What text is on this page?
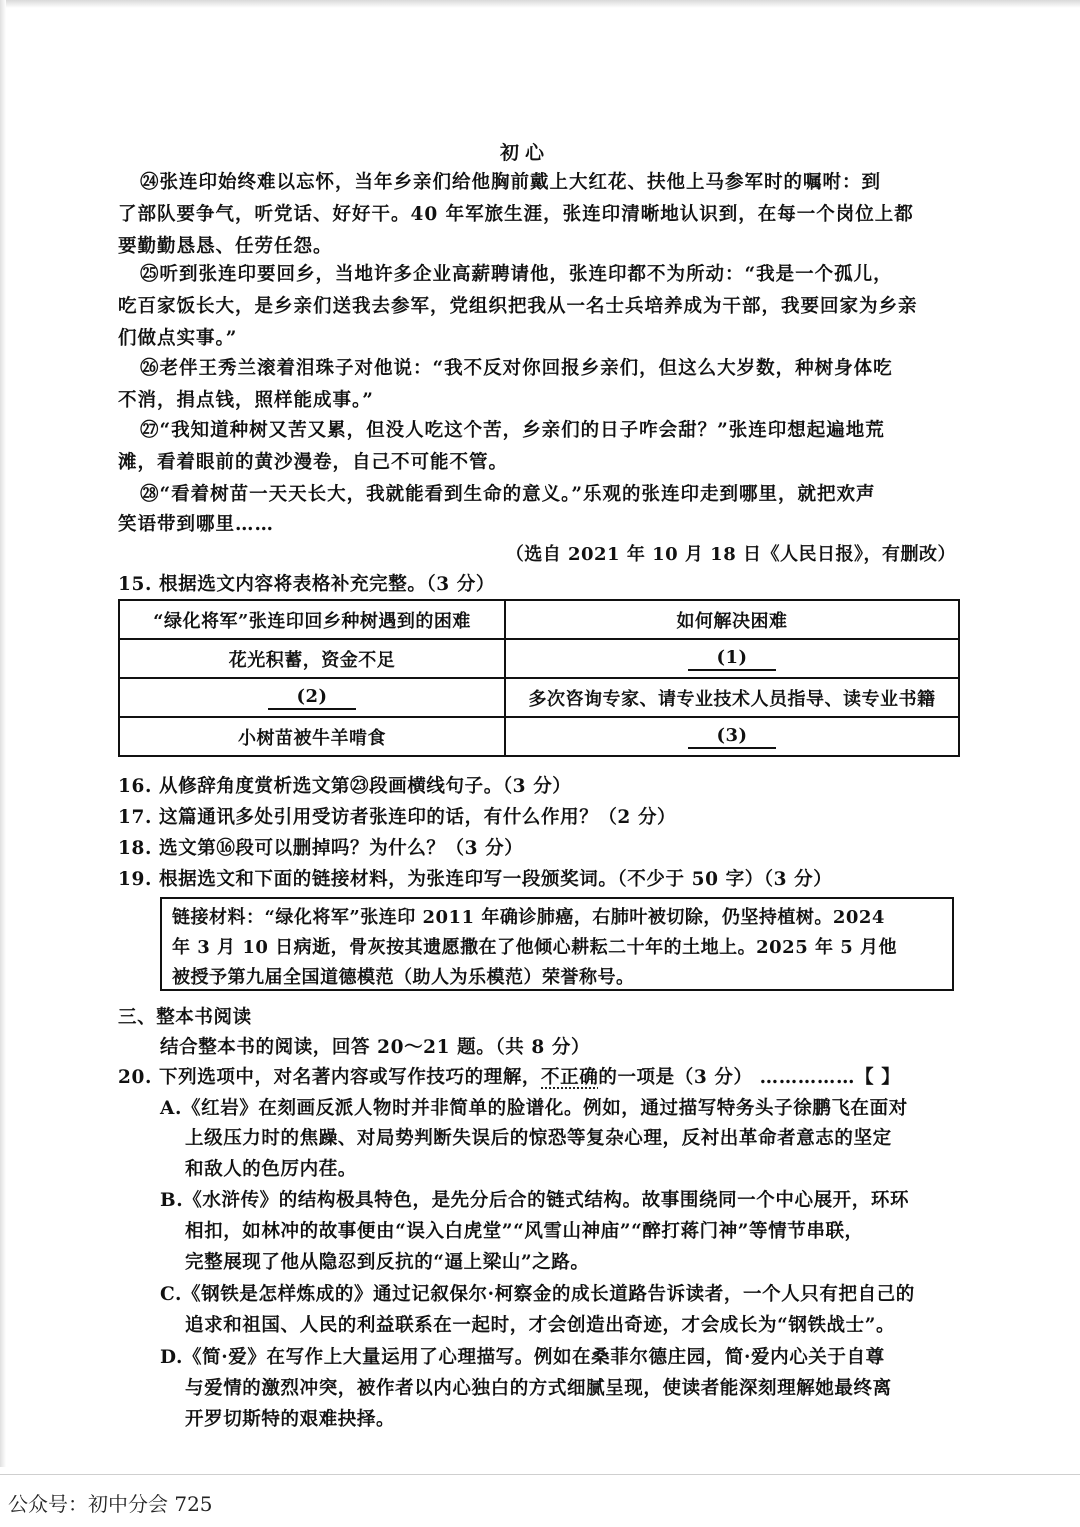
初心
㉔张连印始终难以忘怀，当年乡亲们给他胸前戴上大红花、扶他上马参军时的嘱咐：到
了部队要争气，听党话、好好干。40 年军旅生涯，张连印清晰地认识到，在每一个岗位上都
要勤勤恳恳、任劳任怨。
㉕听到张连印要回乡，当地许多企业高薪聘请他，张连印都不为所动：“我是一个孤儿，
吃百家饭长大，是乡亲们送我去参军，党组织把我从一名士兵培养成为干部，我要回家为乡亲
们做点实事。”
㉖老伴王秀兰滚着泪珠子对他说：“我不反对你回报乡亲们，但这么大岁数，种树身体吃
不消，捐点钱，照样能成事。”
㉗“我知道种树又苦又累，但没人吃这个苦，乡亲们的日子咋会甜？”张连印想起遍地荒
滩，看着眼前的黄沙漫卷，自己不可能不管。
㉘“看着树苗一天天长大，我就能看到生命的意义。”乐观的张连印走到哪里，就把欢声
笑语带到哪里……
（选自 2021 年 10 月 18 日《人民日报》，有删改）
15. 根据选文内容将表格补充完整。（3 分）
“绿化将军”张连印回乡种树遇到的困难	如何解决困难
花光积蓄，资金不足	(1)
(2)	多次咨询专家、请专业技术人员指导、读专业书籍
小树苗被牛羊啃食	(3)
16. 从修辞角度赏析选文第㉓段画横线句子。（3 分）
17. 这篇通讯多处引用受访者张连印的话，有什么作用？（2 分）
18. 选文第⑯段可以删掉吗？为什么？（3 分）
19. 根据选文和下面的链接材料，为张连印写一段颁奖词。（不少于 50 字）（3 分）
链接材料：“绿化将军”张连印 2011 年确诊肺癌，右肺叶被切除，仍坚持植树。2024
年 3 月 10 日病逝，骨灰按其遗愿撒在了他倾心耕耘二十年的土地上。2025 年 5 月他
被授予第九届全国道德模范（助人为乐模范）荣誉称号。
三、整本书阅读
结合整本书的阅读，回答 20～21 题。（共 8 分）
20. 下列选项中，对名著内容或写作技巧的理解，不正确的一项是（3 分） ……………【 】
A.《红岩》在刻画反派人物时并非简单的脸谱化。例如，通过描写特务头子徐鹏飞在面对
上级压力时的焦躁、对局势判断失误后的惊恐等复杂心理，反衬出革命者意志的坚定
和敌人的色厉内荏。
B.《水浒传》的结构极具特色，是先分后合的链式结构。故事围绕同一个中心展开，环环
相扣，如林冲的故事便由“误入白虎堂”“风雪山神庙”“醉打蒋门神”等情节串联，
完整展现了他从隐忍到反抗的“逼上梁山”之路。
C.《钢铁是怎样炼成的》通过记叙保尔·柯察金的成长道路告诉读者，一个人只有把自己的
追求和祖国、人民的利益联系在一起时，才会创造出奇迹，才会成长为“钢铁战士”。
D.《简·爱》在写作上大量运用了心理描写。例如在桑菲尔德庄园，简·爱内心关于自尊
与爱情的激烈冲突，被作者以内心独白的方式细腻呈现，使读者能深刻理解她最终离
开罗切斯特的艰难抉择。
公众号：初中分会 725
